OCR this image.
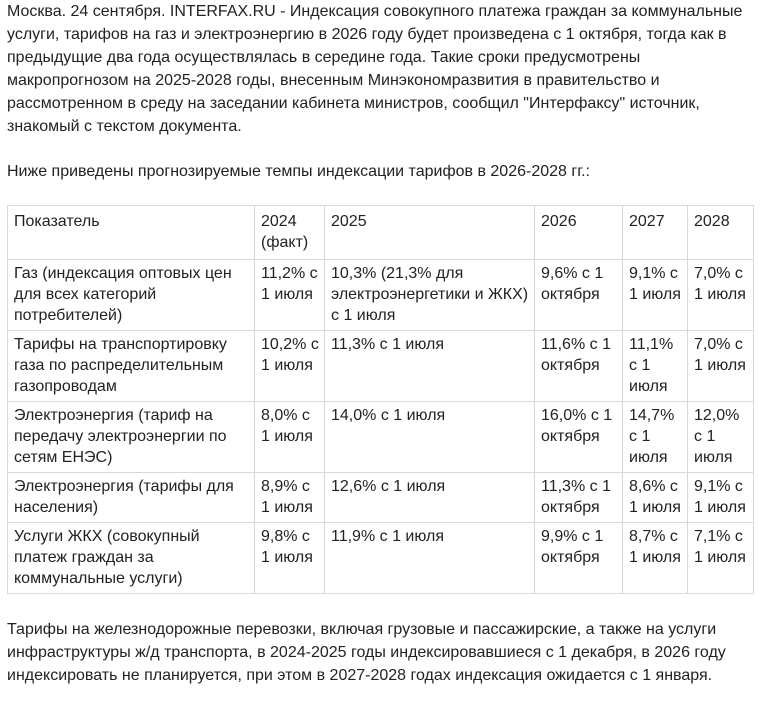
Москва. 24 сентября. INTERFAX.RU - Индексация совокупного платежа граждан за коммунальные услуги, тарифов на газ и электроэнергию в 2026 году будет произведена с 1 октября, тогда как в предыдущие два года осуществлялась в середине года. Такие сроки предусмотрены макропрогнозом на 2025-2028 годы, внесенным Минэкономразвития в правительство и рассмотренном в среду на заседании кабинета министров, сообщил "Интерфаксу" источник, знакомый с текстом документа.

Ниже приведены прогнозируемые темпы индексации тарифов в 2026-2028 гг.:

Показатель	2024 (факт)	2025	2026	2027	2028
Газ (индексация оптовых цен для всех категорий потребителей)	11,2% с 1 июля	10,3% (21,3% для электроэнергетики и ЖКХ) с 1 июля	9,6% с 1 октября	9,1% с 1 июля	7,0% с 1 июля
Тарифы на транспортировку газа по распределительным газопроводам	10,2% с 1 июля	11,3% с 1 июля	11,6% с 1 октября	11,1% с 1 июля	7,0% с 1 июля
Электроэнергия (тариф на передачу электроэнергии по сетям ЕНЭС)	8,0% с 1 июля	14,0% с 1 июля	16,0% с 1 октября	14,7% с 1 июля	12,0% с 1 июля
Электроэнергия (тарифы для населения)	8,9% с 1 июля	12,6% с 1 июля	11,3% с 1 октября	8,6% с 1 июля	9,1% с 1 июля
Услуги ЖКХ (совокупный платеж граждан за коммунальные услуги)	9,8% с 1 июля	11,9% с 1 июля	9,9% с 1 октября	8,7% с 1 июля	7,1% с 1 июля

Тарифы на железнодорожные перевозки, включая грузовые и пассажирские, а также на услуги инфраструктуры ж/д транспорта, в 2024-2025 годы индексировавшиеся с 1 декабря, в 2026 году индексировать не планируется, при этом в 2027-2028 годах индексация ожидается с 1 января.
